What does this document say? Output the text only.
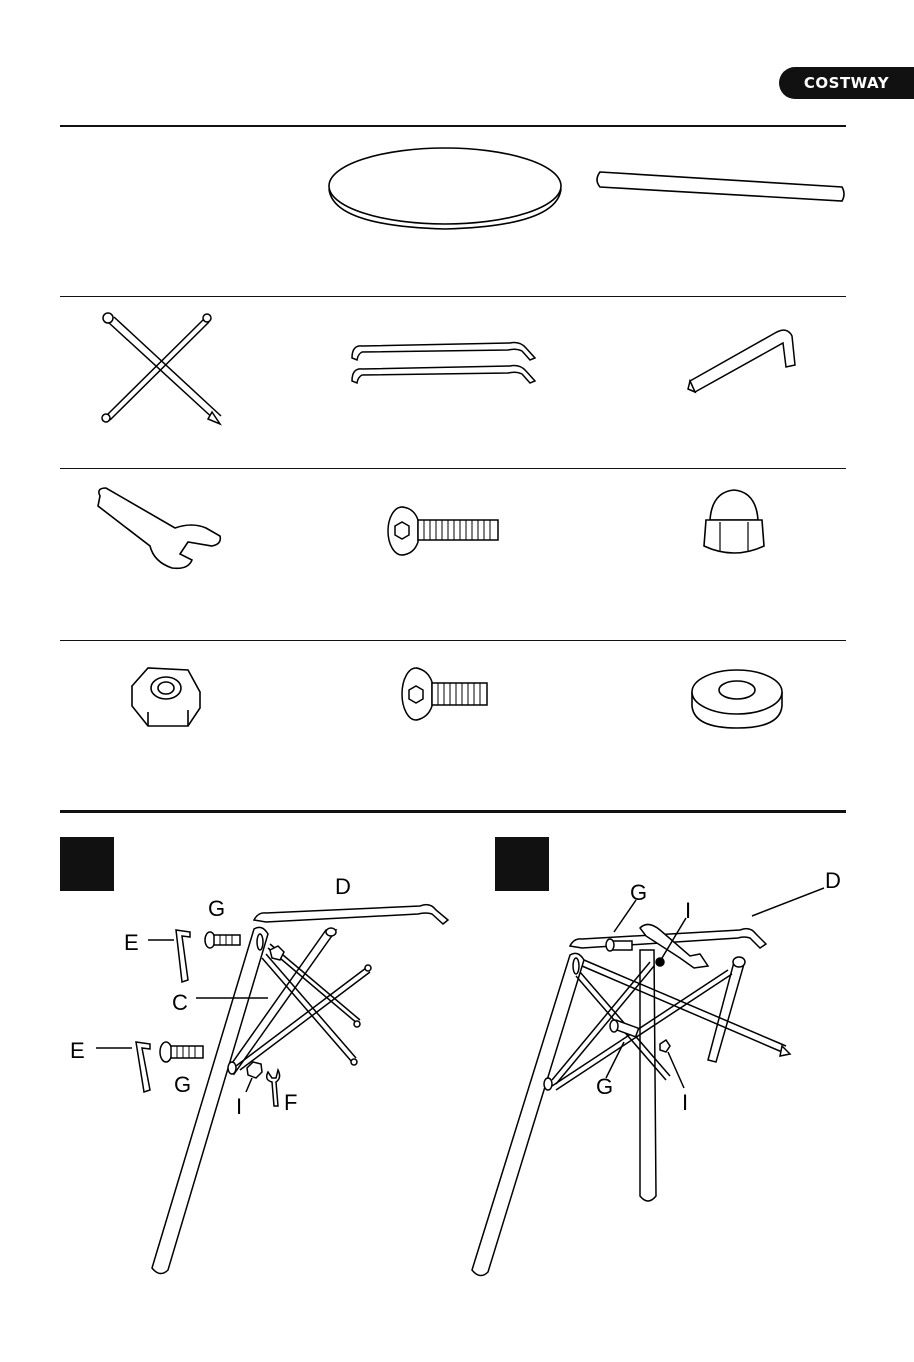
COSTWAY
D
G
E
C
E
G
I F
D
G
I
G
I
